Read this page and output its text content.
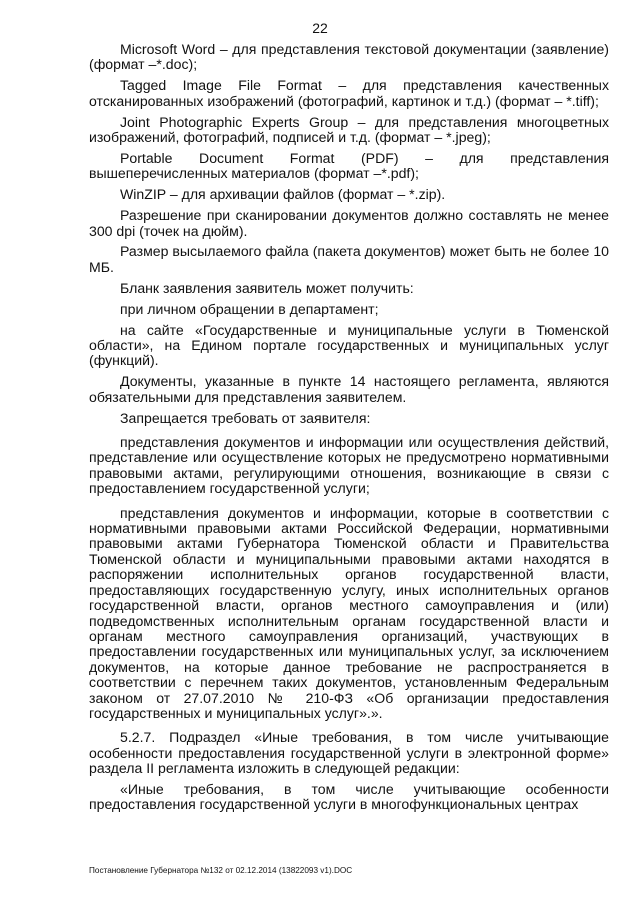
22

Microsoft Word – для представления текстовой документации (заявление) (формат –*.doc);

Tagged Image File Format – для представления качественных отсканированных изображений (фотографий, картинок и т.д.) (формат – *.tiff);

Joint Photographic Experts Group – для представления многоцветных изображений, фотографий, подписей и т.д. (формат – *.jpeg);

Portable Document Format (PDF) – для представления вышеперечисленных материалов (формат –*.pdf);

WinZIP – для архивации файлов (формат – *.zip).

Разрешение при сканировании документов должно составлять не менее 300 dpi (точек на дюйм).

Размер высылаемого файла (пакета документов) может быть не более 10 МБ.

Бланк заявления заявитель может получить:

при личном обращении в департамент;

на сайте «Государственные и муниципальные услуги в Тюменской области», на Едином портале государственных и муниципальных услуг (функций).

Документы, указанные в пункте 14 настоящего регламента, являются обязательными для представления заявителем.

Запрещается требовать от заявителя:

представления документов и информации или осуществления действий, представление или осуществление которых не предусмотрено нормативными правовыми актами, регулирующими отношения, возникающие в связи с предоставлением государственной услуги;

представления документов и информации, которые в соответствии с нормативными правовыми актами Российской Федерации, нормативными правовыми актами Губернатора Тюменской области и Правительства Тюменской области и муниципальными правовыми актами находятся в распоряжении исполнительных органов государственной власти, предоставляющих государственную услугу, иных исполнительных органов государственной власти, органов местного самоуправления и (или) подведомственных исполнительным органам государственной власти и органам местного самоуправления организаций, участвующих в предоставлении государственных или муниципальных услуг, за исключением документов, на которые данное требование не распространяется в соответствии с перечнем таких документов, установленным Федеральным законом от 27.07.2010 № 210-ФЗ «Об организации предоставления государственных и муниципальных услуг».».

5.2.7. Подраздел «Иные требования, в том числе учитывающие особенности предоставления государственной услуги в электронной форме» раздела II регламента изложить в следующей редакции:

«Иные требования, в том числе учитывающие особенности предоставления государственной услуги в многофункциональных центрах

Постановление Губернатора №132 от 02.12.2014 (13822093 v1).DOC
